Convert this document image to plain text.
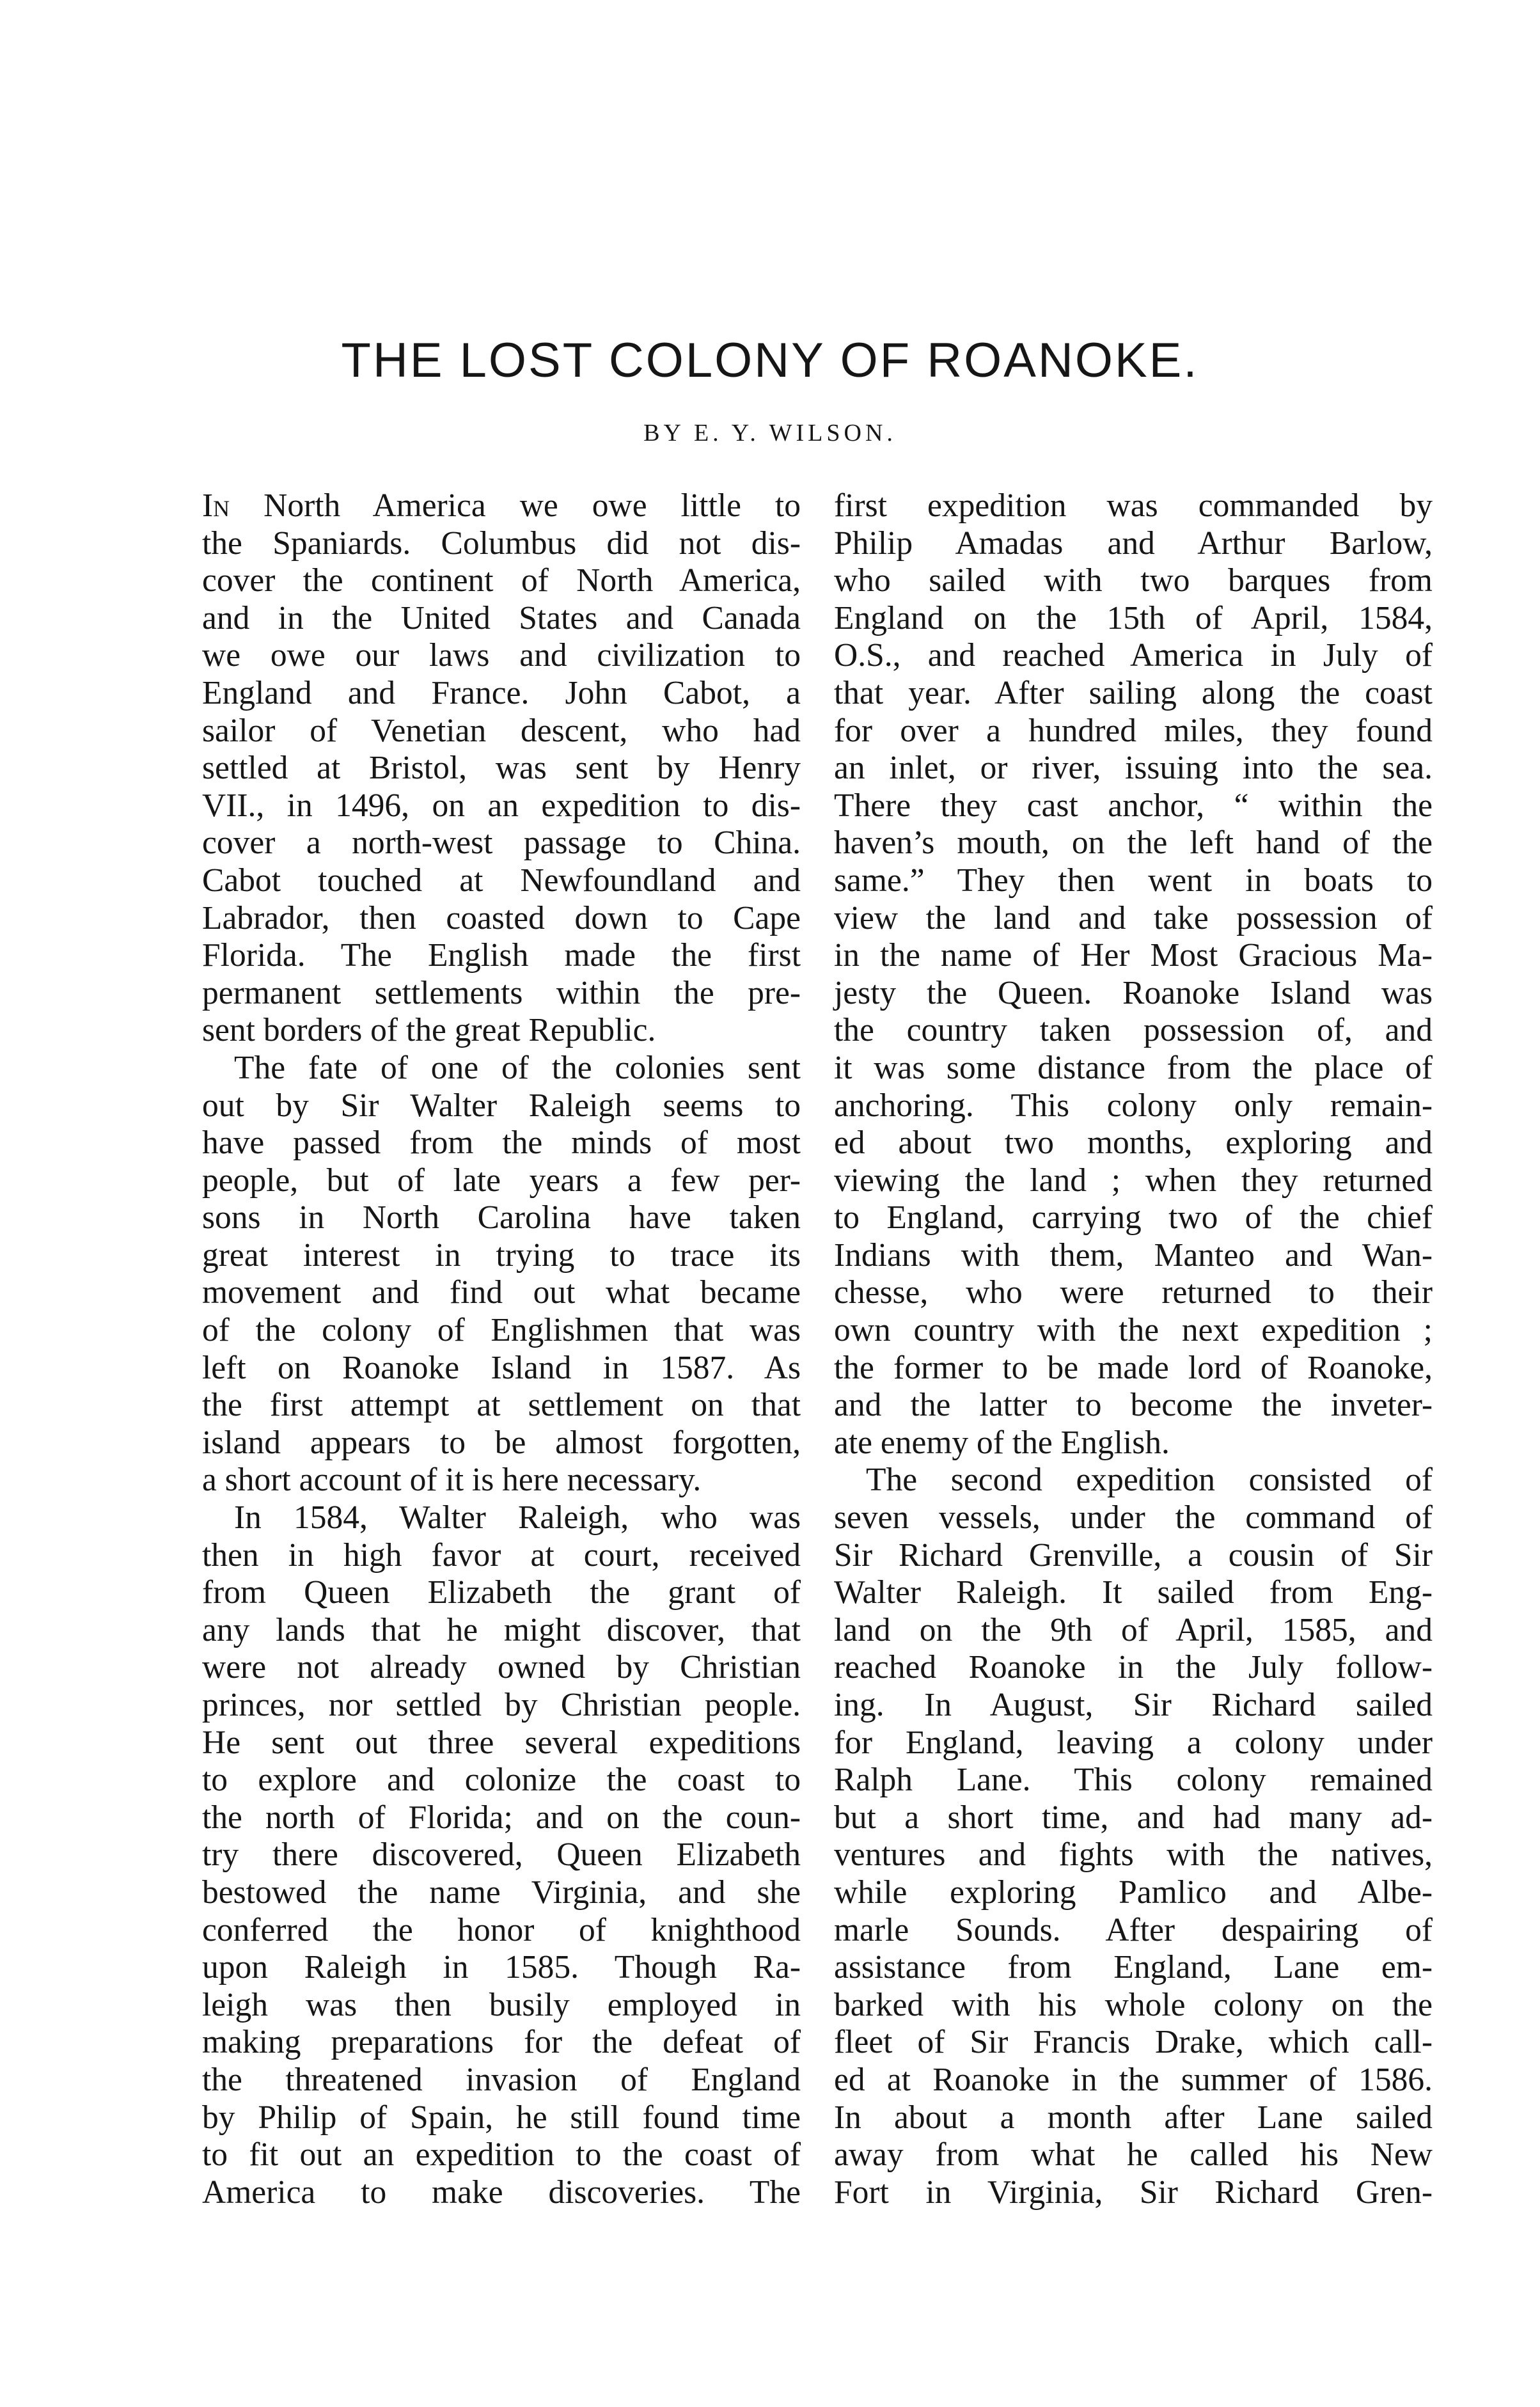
THE LOST COLONY OF ROANOKE.

BY E. Y. WILSON.

In North America we owe little to
the Spaniards. Columbus did not dis-
cover the continent of North America,
and in the United States and Canada
we owe our laws and civilization to
England and France. John Cabot, a
sailor of Venetian descent, who had
settled at Bristol, was sent by Henry
VII., in 1496, on an expedition to dis-
cover a north-west passage to China.
Cabot touched at Newfoundland and
Labrador, then coasted down to Cape
Florida. The English made the first
permanent settlements within the pre-
sent borders of the great Republic.
The fate of one of the colonies sent
out by Sir Walter Raleigh seems to
have passed from the minds of most
people, but of late years a few per-
sons in North Carolina have taken
great interest in trying to trace its
movement and find out what became
of the colony of Englishmen that was
left on Roanoke Island in 1587. As
the first attempt at settlement on that
island appears to be almost forgotten,
a short account of it is here necessary.
In 1584, Walter Raleigh, who was
then in high favor at court, received
from Queen Elizabeth the grant of
any lands that he might discover, that
were not already owned by Christian
princes, nor settled by Christian people.
He sent out three several expeditions
to explore and colonize the coast to
the north of Florida; and on the coun-
try there discovered, Queen Elizabeth
bestowed the name Virginia, and she
conferred the honor of knighthood
upon Raleigh in 1585. Though Ra-
leigh was then busily employed in
making preparations for the defeat of
the threatened invasion of England
by Philip of Spain, he still found time
to fit out an expedition to the coast of
America to make discoveries. The
first expedition was commanded by
Philip Amadas and Arthur Barlow,
who sailed with two barques from
England on the 15th of April, 1584,
O.S., and reached America in July of
that year. After sailing along the coast
for over a hundred miles, they found
an inlet, or river, issuing into the sea.
There they cast anchor, “ within the
haven’s mouth, on the left hand of the
same.” They then went in boats to
view the land and take possession of
in the name of Her Most Gracious Ma-
jesty the Queen. Roanoke Island was
the country taken possession of, and
it was some distance from the place of
anchoring. This colony only remain-
ed about two months, exploring and
viewing the land ; when they returned
to England, carrying two of the chief
Indians with them, Manteo and Wan-
chesse, who were returned to their
own country with the next expedition ;
the former to be made lord of Roanoke,
and the latter to become the inveter-
ate enemy of the English.
The second expedition consisted of
seven vessels, under the command of
Sir Richard Grenville, a cousin of Sir
Walter Raleigh. It sailed from Eng-
land on the 9th of April, 1585, and
reached Roanoke in the July follow-
ing. In August, Sir Richard sailed
for England, leaving a colony under
Ralph Lane. This colony remained
but a short time, and had many ad-
ventures and fights with the natives,
while exploring Pamlico and Albe-
marle Sounds. After despairing of
assistance from England, Lane em-
barked with his whole colony on the
fleet of Sir Francis Drake, which call-
ed at Roanoke in the summer of 1586.
In about a month after Lane sailed
away from what he called his New
Fort in Virginia, Sir Richard Gren-
